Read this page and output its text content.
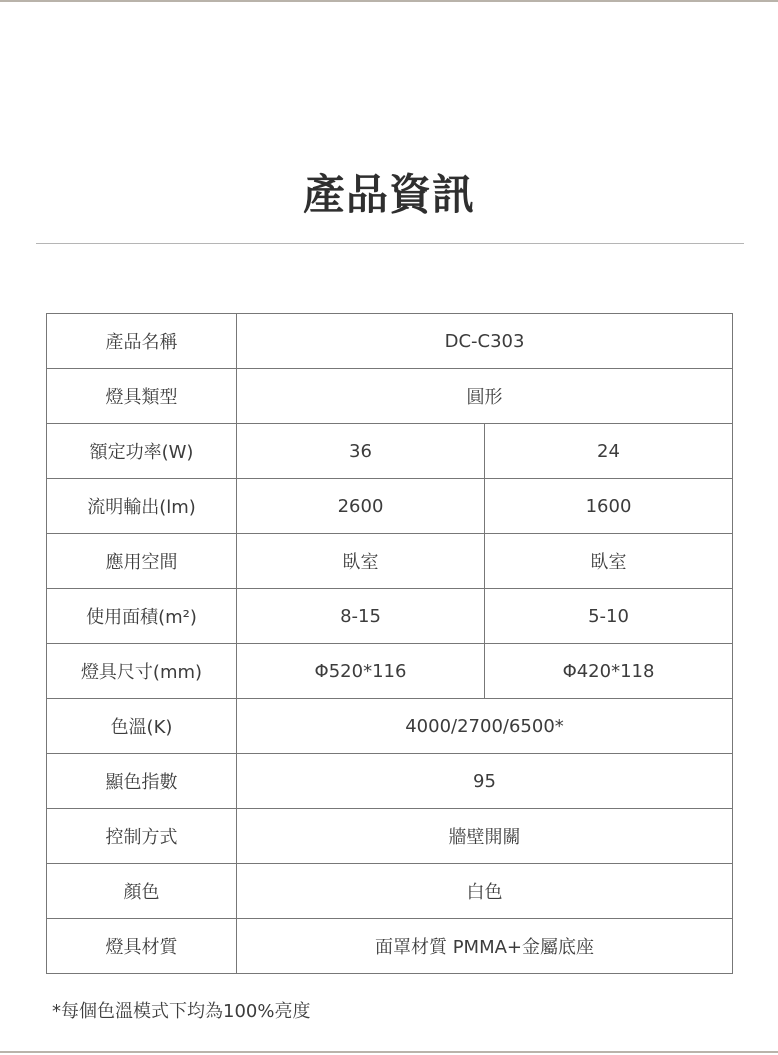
產品資訊
產品名稱	DC-C303	
燈具類型	圓形	
額定功率(W)	36	24
流明輸出(lm)	2600	1600
應用空間	臥室	臥室
使用面積(m²)	8-15	5-10
燈具尺寸(mm)	Φ520*116	Φ420*118
色溫(K)	4000/2700/6500*	
顯色指數	95	
控制方式	牆壁開關	
顏色	白色	
燈具材質	面罩材質 PMMA+金屬底座	
*每個色溫模式下均為100%亮度
